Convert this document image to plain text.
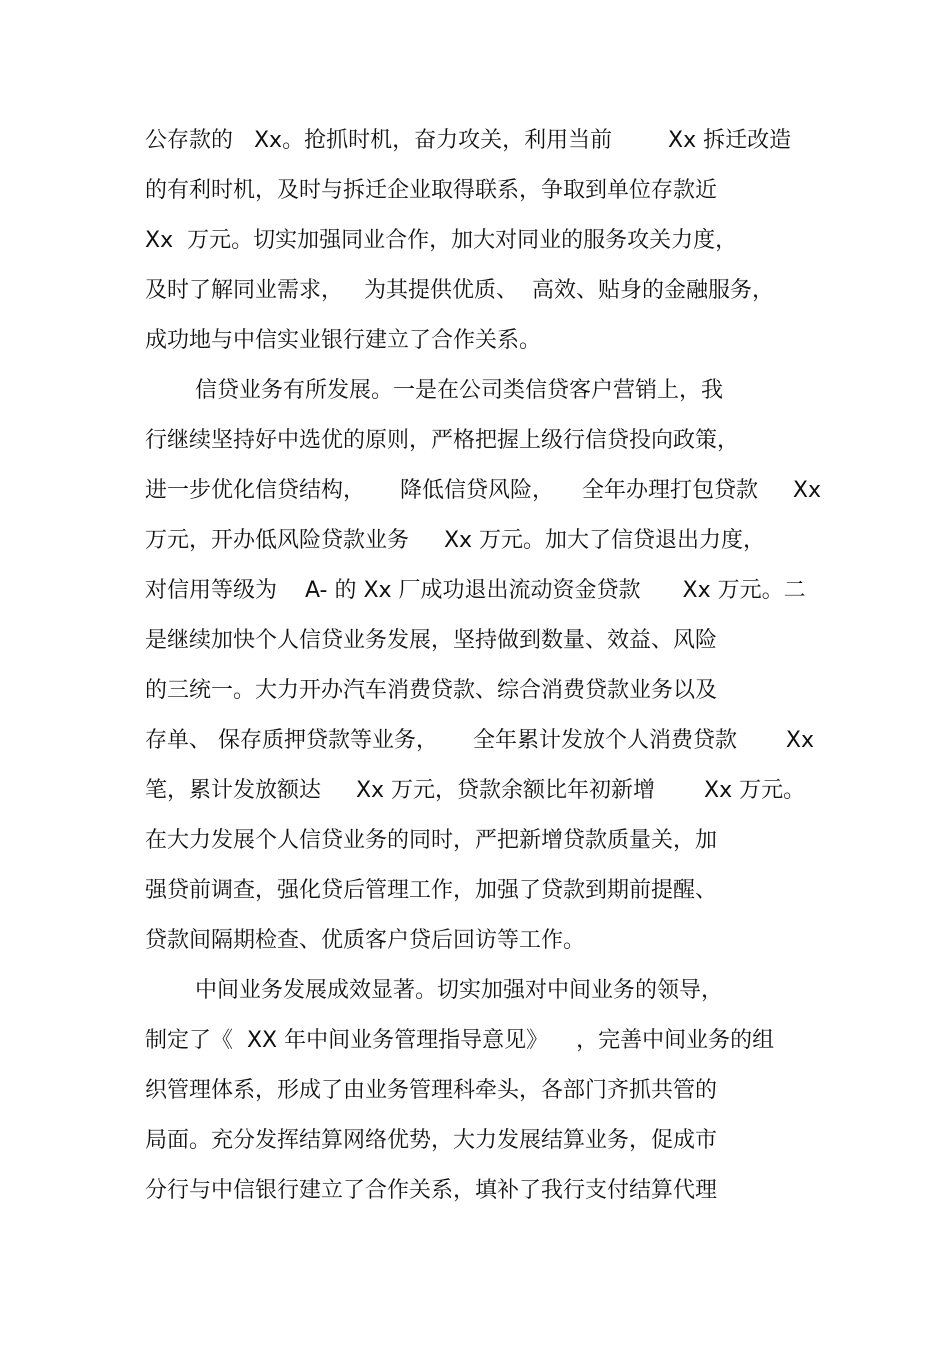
公存款的   Xx。抢抓时机，奋力攻关，利用当前        Xx 拆迁改造
的有利时机，及时与拆迁企业取得联系，争取到单位存款近
Xx  万元。切实加强同业合作，加大对同业的服务攻关力度，
及时了解同业需求，   为其提供优质、  高效、贴身的金融服务，
成功地与中信实业银行建立了合作关系。
信贷业务有所发展。一是在公司类信贷客户营销上，我
行继续坚持好中选优的原则，严格把握上级行信贷投向政策，
进一步优化信贷结构，     降低信贷风险，    全年办理打包贷款     Xx
万元，开办低风险贷款业务     Xx 万元。加大了信贷退出力度，
对信用等级为    A- 的 Xx 厂成功退出流动资金贷款      Xx 万元。二
是继续加快个人信贷业务发展，坚持做到数量、效益、风险
的三统一。大力开办汽车消费贷款、综合消费贷款业务以及
存单、 保存质押贷款等业务，     全年累计发放个人消费贷款       Xx
笔，累计发放额达     Xx 万元，贷款余额比年初新增       Xx 万元。
在大力发展个人信贷业务的同时，严把新增贷款质量关，加
强贷前调查，强化贷后管理工作，加强了贷款到期前提醒、
贷款间隔期检查、优质客户贷后回访等工作。
中间业务发展成效显著。切实加强对中间业务的领导，
制定了《  XX 年中间业务管理指导意见》    ，完善中间业务的组
织管理体系，形成了由业务管理科牵头，各部门齐抓共管的
局面。充分发挥结算网络优势，大力发展结算业务，促成市
分行与中信银行建立了合作关系，填补了我行支付结算代理
